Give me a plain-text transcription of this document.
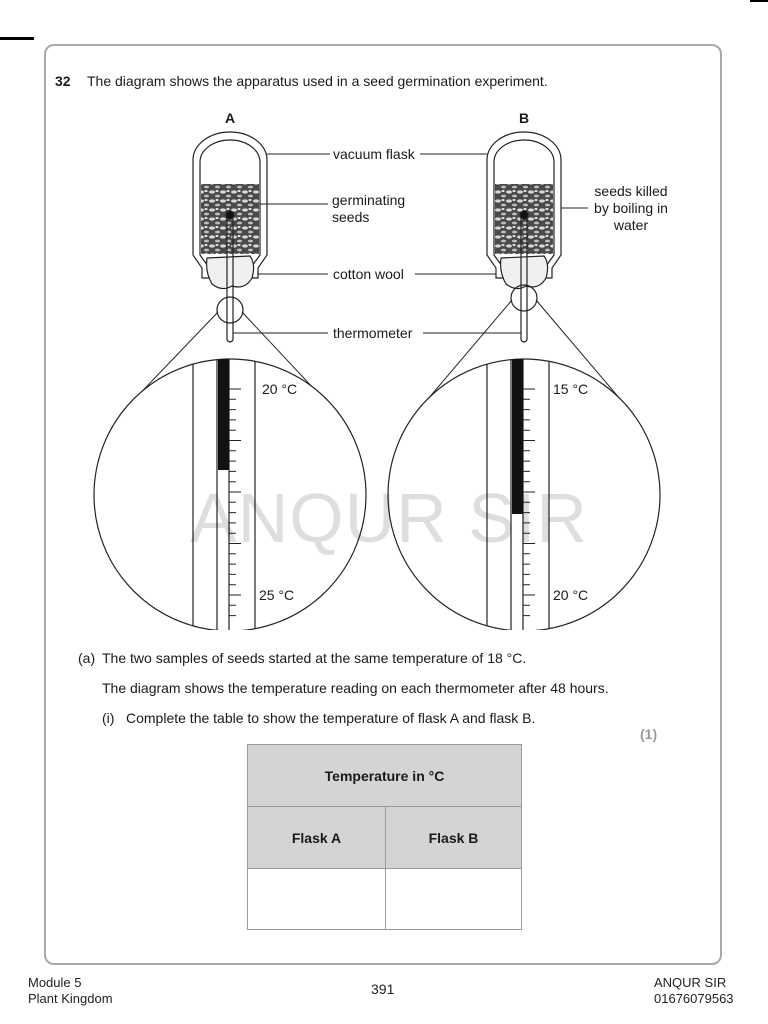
32 The diagram shows the apparatus used in a seed germination experiment.
A	B
vacuum flask
germinating
seeds
seeds killed
by boiling in
water
cotton wool
thermometer
20 °C
25 °C
15 °C
20 °C
ANQUR SIR
(a) The two samples of seeds started at the same temperature of 18 °C.
The diagram shows the temperature reading on each thermometer after 48 hours.
(i) Complete the table to show the temperature of flask A and flask B.
(1)
Temperature in °C	
Flask A	Flask B

Module 5
Plant Kingdom
391	ANQUR SIR
01676079563
